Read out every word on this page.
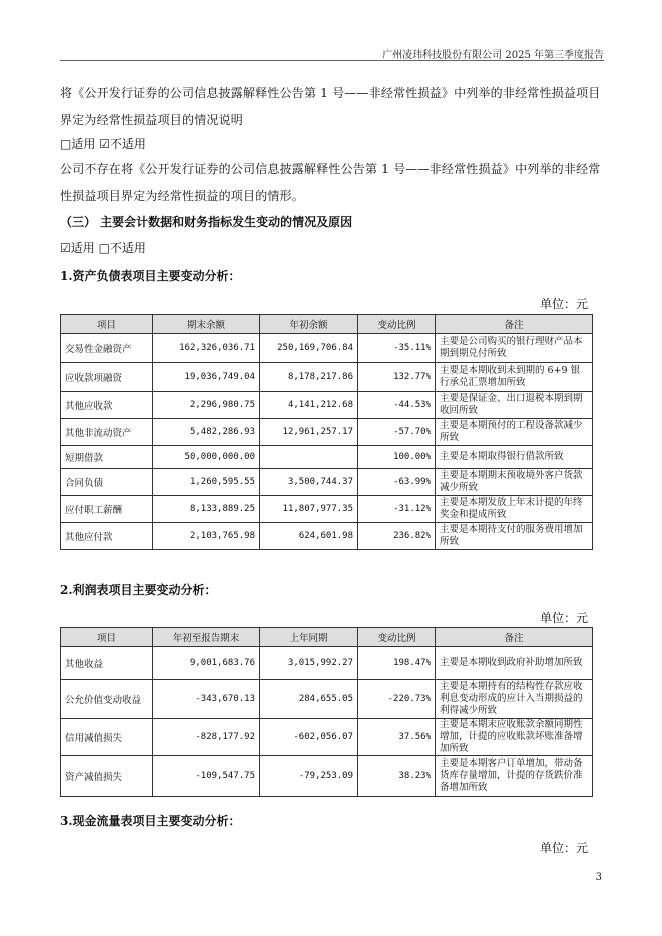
广州凌玮科技股份有限公司 2025 年第三季度报告
将《公开发行证券的公司信息披露解释性公告第 1 号——非经常性损益》中列举的非经常性损益项目界定为经常性损益项目的情况说明
□适用 ☑不适用
公司不存在将《公开发行证券的公司信息披露解释性公告第 1 号——非经常性损益》中列举的非经常性损益项目界定为经常性损益的项目的情形。
（三） 主要会计数据和财务指标发生变动的情况及原因
☑适用 □不适用
1.资产负债表项目主要变动分析：
单位：元
项目	期末余额	年初余额	变动比例	备注
交易性金融资产	162,326,036.71	250,169,706.84	-35.11%	主要是公司购买的银行理财产品本期到期兑付所致
应收款项融资	19,036,749.04	8,178,217.86	132.77%	主要是本期收到未到期的 6+9 银行承兑汇票增加所致
其他应收款	2,296,980.75	4,141,212.68	-44.53%	主要是保证金、出口退税本期到期收回所致
其他非流动资产	5,482,286.93	12,961,257.17	-57.70%	主要是本期预付的工程设备款减少所致
短期借款	50,000,000.00		100.00%	主要是本期取得银行借款所致
合同负债	1,260,595.55	3,500,744.37	-63.99%	主要是本期期末预收境外客户货款减少所致
应付职工薪酬	8,133,889.25	11,807,977.35	-31.12%	主要是本期发放上年末计提的年终奖金和提成所致
其他应付款	2,103,765.98	624,601.98	236.82%	主要是本期待支付的服务费用增加所致
2.利润表项目主要变动分析：
单位：元
项目	年初至报告期末	上年同期	变动比例	备注
其他收益	9,001,683.76	3,015,992.27	198.47%	主要是本期收到政府补助增加所致
公允价值变动收益	-343,670.13	284,655.05	-220.73%	主要是本期持有的结构性存款应收利息变动形成的应计入当期损益的利得减少所致
信用减值损失	-828,177.92	-602,056.07	37.56%	主要是本期末应收账款余额同期性增加，计提的应收账款坏账准备增加所致
资产减值损失	-109,547.75	-79,253.09	38.23%	主要是本期客户订单增加，带动备货库存量增加，计提的存货跌价准备增加所致
3.现金流量表项目主要变动分析：
单位：元
3
